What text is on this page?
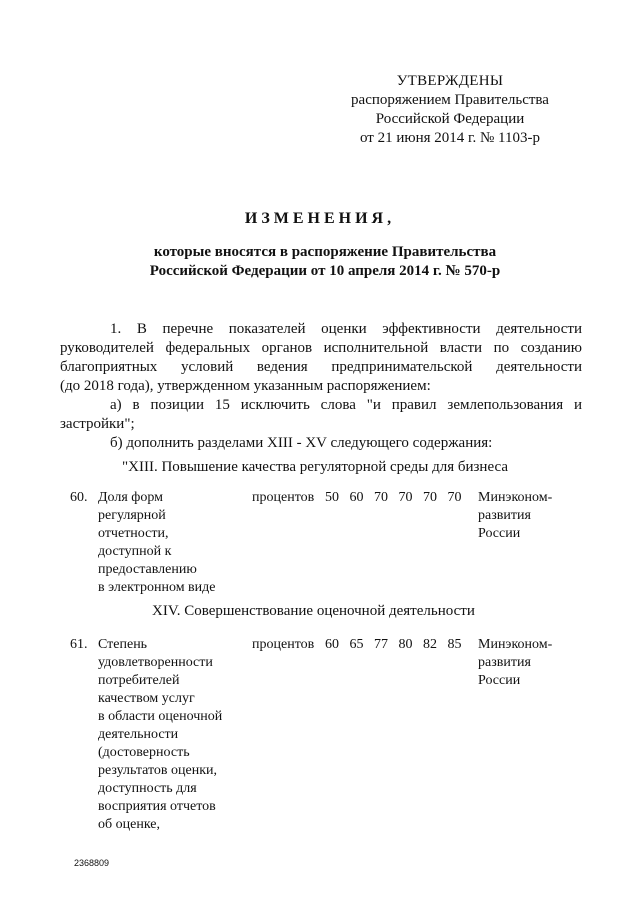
УТВЕРЖДЕНЫ
распоряжением Правительства
Российской Федерации
от 21 июня 2014 г. № 1103-р
ИЗМЕНЕНИЯ,
которые вносятся в распоряжение Правительства
Российской Федерации от 10 апреля 2014 г. № 570-р
1. В перечне показателей оценки эффективности деятельности
руководителей федеральных органов исполнительной власти по созданию
благоприятных условий ведения предпринимательской деятельности
(до 2018 года), утвержденном указанным распоряжением:
а) в позиции 15 исключить слова "и правил землепользования и
застройки";
б) дополнить разделами XIII - XV следующего содержания:
"XIII. Повышение качества регуляторной среды для бизнеса
60. Доля форм
регулярной
отчетности,
доступной к
предоставлению
в электронном виде
процентов 50 60 70 70 70 70	Минэконом-
развития
России
XIV. Совершенствование оценочной деятельности
61. Степень
удовлетворенности
потребителей
качеством услуг
в области оценочной
деятельности
(достоверность
результатов оценки,
доступность для
восприятия отчетов
об оценке,
процентов 60 65 77 80 82 85	Минэконом-
развития
России
2368809
